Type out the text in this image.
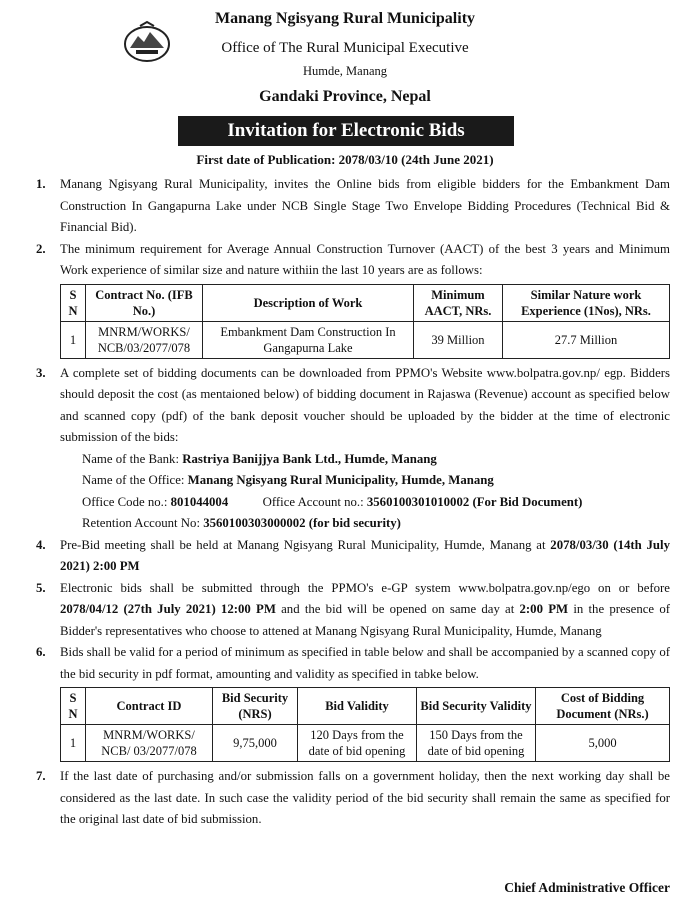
Manang Ngisyang Rural Municipality
Office of The Rural Municipal Executive
Humde, Manang
Gandaki Province, Nepal
Invitation for Electronic Bids
First date of Publication: 2078/03/10 (24th June 2021)
1. Manang Ngisyang Rural Municipality, invites the Online bids from eligible bidders for the Embankment Dam Construction In Gangapurna Lake under NCB Single Stage Two Envelope Bidding Procedures (Technical Bid & Financial Bid).
2. The minimum requirement for Average Annual Construction Turnover (AACT) of the best 3 years and Minimum Work experience of similar size and nature withiin the last 10 years are as follows:
S N	Contract No. (IFB No.)	Description of Work	Minimum AACT, NRs.	Similar Nature work Experience (1Nos), NRs.
1	MNRM/WORKS/ NCB/03/2077/078	Embankment Dam Construction In Gangapurna Lake	39 Million	27.7 Million
3. A complete set of bidding documents can be downloaded from PPMO's Website www.bolpatra.gov.np/ egp. Bidders should deposit the cost (as mentaioned below) of bidding document in Rajaswa (Revenue) account as specified below and scanned copy (pdf) of the bank deposit voucher should be uploaded by the bidder at the time of electronic submission of the bids:
Name of the Bank: Rastriya Banijjya Bank Ltd., Humde, Manang
Name of the Office: Manang Ngisyang Rural Municipality, Humde, Manang
Office Code no.: 801044004	Office Account no.: 3560100301010002 (For Bid Document)
Retention Account No: 3560100303000002 (for bid security)
4. Pre-Bid meeting shall be held at Manang Ngisyang Rural Municipality, Humde, Manang at 2078/03/30 (14th July 2021) 2:00 PM
5. Electronic bids shall be submitted through the PPMO's e-GP system www.bolpatra.gov.np/ego on or before 2078/04/12 (27th July 2021) 12:00 PM and the bid will be opened on same day at 2:00 PM in the presence of Bidder's representatives who choose to attened at Manang Ngisyang Rural Municipality, Humde, Manang
6. Bids shall be valid for a period of minimum as specified in table below and shall be accompanied by a scanned copy of the bid security in pdf format, amounting and validity as specified in tabke below.
S N	Contract ID	Bid Security (NRS)	Bid Validity	Bid Security Validity	Cost of Bidding Document (NRs.)
1	MNRM/WORKS/ NCB/ 03/2077/078	9,75,000	120 Days from the date of bid opening	150 Days from the date of bid opening	5,000
7. If the last date of purchasing and/or submission falls on a government holiday, then the next working day shall be considered as the last date. In such case the validity period of the bid security shall remain the same as specified for the original last date of bid submission.
Chief Administrative Officer
